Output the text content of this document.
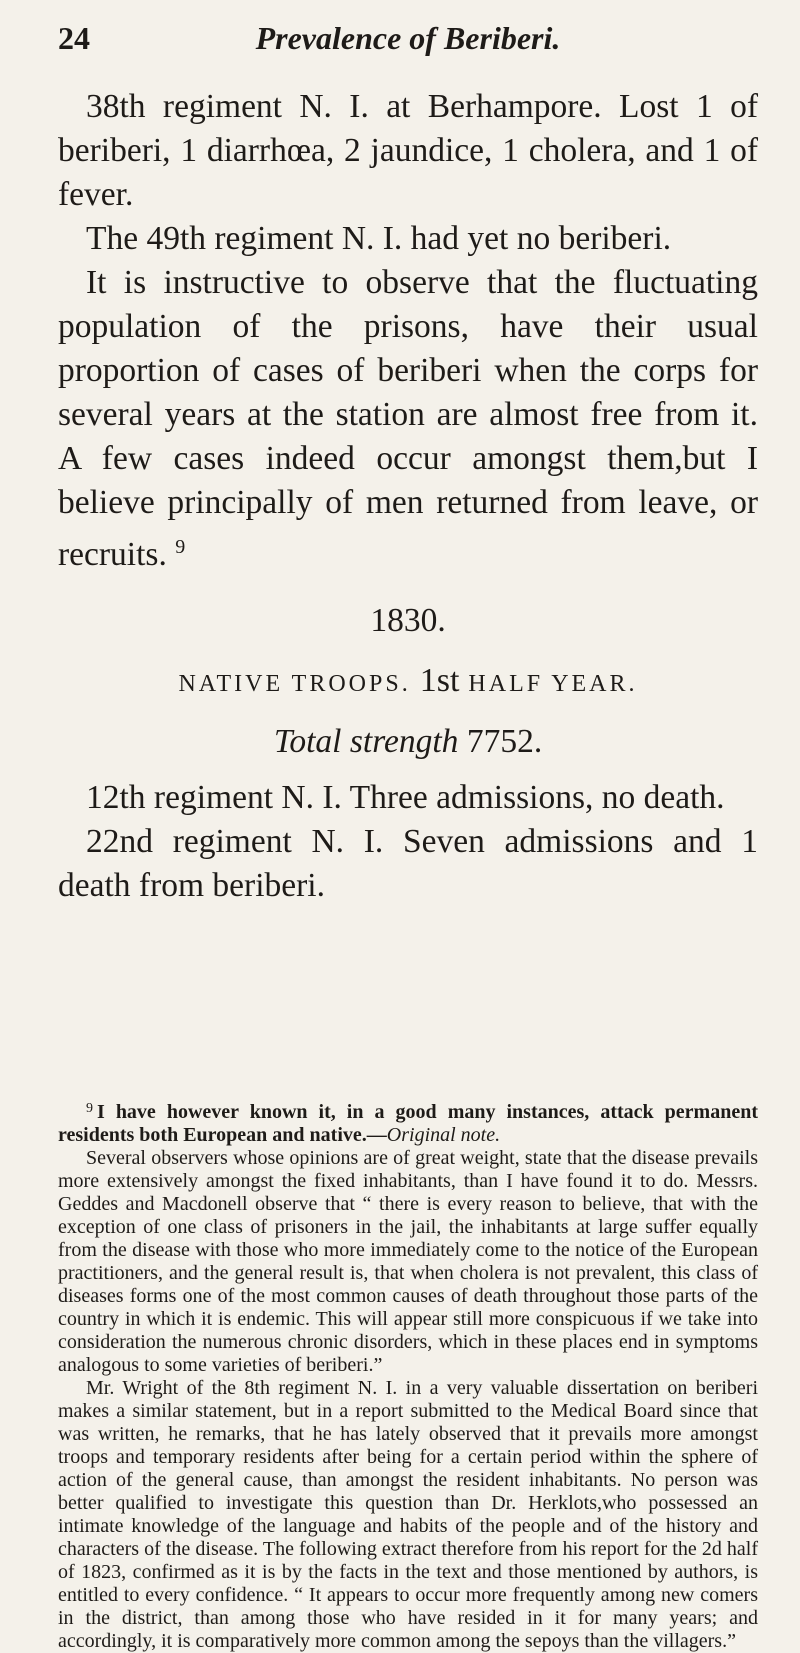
24	Prevalence of Beriberi.

38th regiment N. I. at Berhampore. Lost 1 of beriberi, 1 diarrhœa, 2 jaundice, 1 cholera, and 1 of fever.

The 49th regiment N. I. had yet no beriberi.

It is instructive to observe that the fluctuating population of the prisons, have their usual proportion of cases of beriberi when the corps for several years at the station are almost free from it. A few cases indeed occur amongst them,but I believe principally of men returned from leave, or recruits. $^9$

1830.

NATIVE TROOPS. 1st HALF YEAR.

Total strength 7752.

12th regiment N. I. Three admissions, no death.

22nd regiment N. I. Seven admissions and 1 death from beriberi.

$^9$ I have however known it, in a good many instances, attack permanent residents both European and native.—Original note.

Several observers whose opinions are of great weight, state that the disease prevails more extensively amongst the fixed inhabitants, than I have found it to do. Messrs. Geddes and Macdonell observe that “ there is every reason to believe, that with the exception of one class of prisoners in the jail, the inhabitants at large suffer equally from the disease with those who more immediately come to the notice of the European practitioners, and the general result is, that when cholera is not prevalent, this class of diseases forms one of the most common causes of death throughout those parts of the country in which it is endemic. This will appear still more conspicuous if we take into consideration the numerous chronic disorders, which in these places end in symptoms analogous to some varieties of beriberi.”

Mr. Wright of the 8th regiment N. I. in a very valuable dissertation on beriberi makes a similar statement, but in a report submitted to the Medical Board since that was written, he remarks, that he has lately observed that it prevails more amongst troops and temporary residents after being for a certain period within the sphere of action of the general cause, than amongst the resident inhabitants. No person was better qualified to investigate this question than Dr. Herklots,who possessed an intimate knowledge of the language and habits of the people and of the history and characters of the disease. The following extract therefore from his report for the 2d half of 1823, confirmed as it is by the facts in the text and those mentioned by authors, is entitled to every confidence. “ It appears to occur more frequently among new comers in the district, than among those who have resided in it for many years; and accordingly, it is comparatively more common among the sepoys than the villagers.”
